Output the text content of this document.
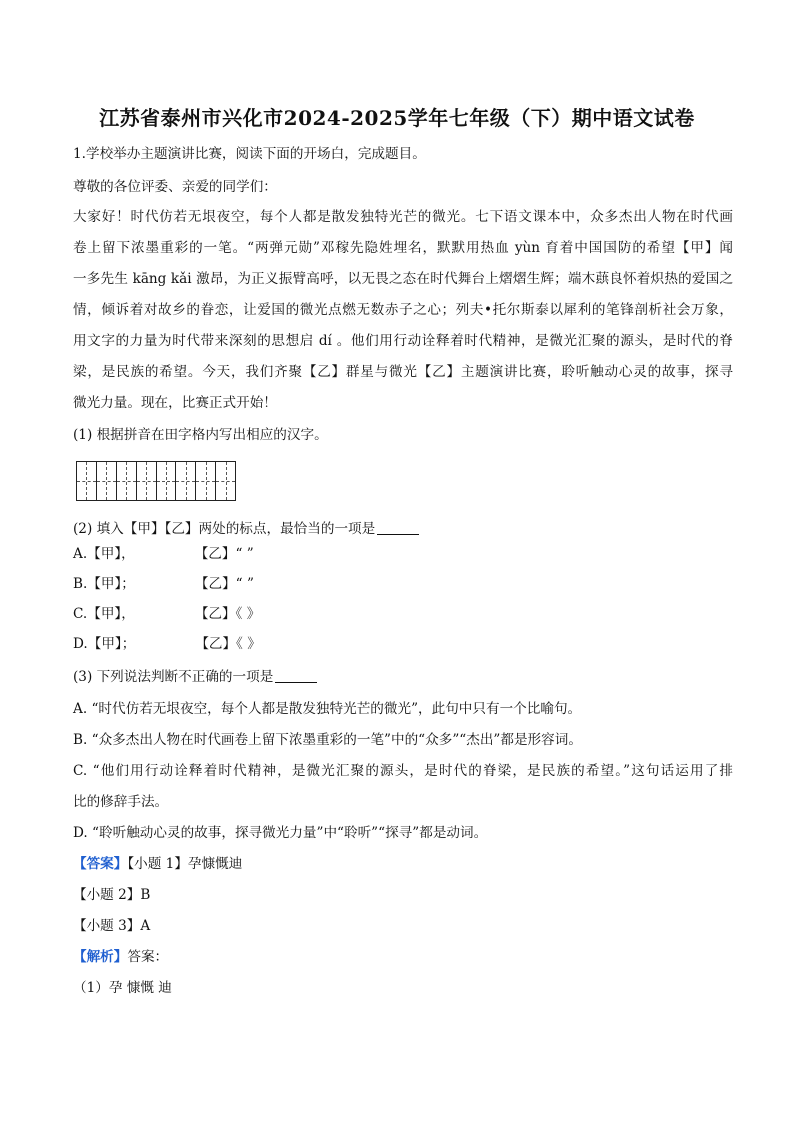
江苏省泰州市兴化市2024-2025学年七年级（下）期中语文试卷
1.学校举办主题演讲比赛，阅读下面的开场白，完成题目。
尊敬的各位评委、亲爱的同学们：
大家好！时代仿若无垠夜空，每个人都是散发独特光芒的微光。七下语文课本中，众多杰出人物在时代画
卷上留下浓墨重彩的一笔。“两弹元勋”邓稼先隐姓埋名，默默用热血 yùn 育着中国国防的希望【甲】闻
一多先生 kāng kǎi 激昂，为正义振臂高呼，以无畏之态在时代舞台上熠熠生辉；端木蕻良怀着炽热的爱国之
情，倾诉着对故乡的眷恋，让爱国的微光点燃无数赤子之心；列夫•托尔斯泰以犀利的笔锋剖析社会万象，
用文字的力量为时代带来深刻的思想启 dí 。他们用行动诠释着时代精神，是微光汇聚的源头，是时代的脊
梁，是民族的希望。今天，我们齐聚【乙】群星与微光【乙】主题演讲比赛，聆听触动心灵的故事，探寻
微光力量。现在，比赛正式开始！
(1) 根据拼音在田字格内写出相应的汉字。
(2) 填入【甲】【乙】两处的标点，最恰当的一项是
A.【甲】，	【乙】“ ”
B.【甲】；	【乙】“ ”
C.【甲】，	【乙】《 》
D.【甲】；	【乙】《 》
(3) 下列说法判断不正确的一项是
A. “时代仿若无垠夜空，每个人都是散发独特光芒的微光”，此句中只有一个比喻句。
B. “众多杰出人物在时代画卷上留下浓墨重彩的一笔”中的“众多”“杰出”都是形容词。
C. “他们用行动诠释着时代精神，是微光汇聚的源头，是时代的脊梁，是民族的希望。”这句话运用了排
比的修辞手法。
D. “聆听触动心灵的故事，探寻微光力量”中“聆听”“探寻”都是动词。
【答案】【小题 1】孕慷慨迪
【小题 2】B
【小题 3】A
【解析】答案：
（1）孕 慷慨 迪
